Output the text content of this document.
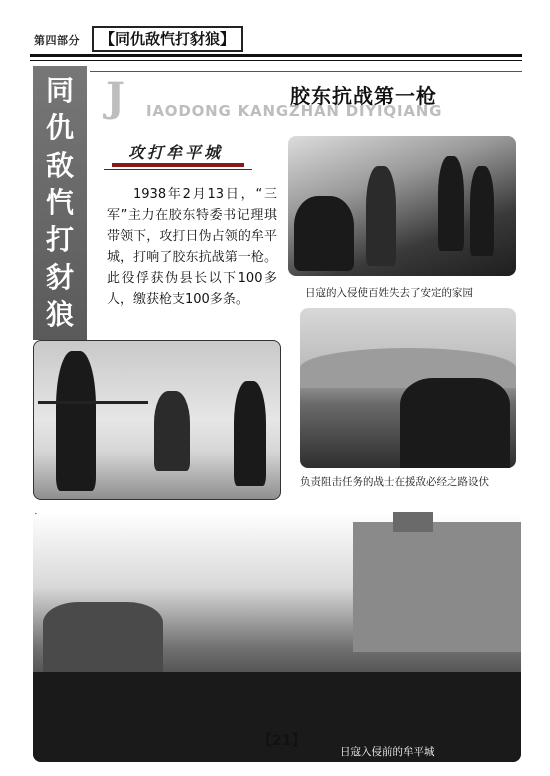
第四部分	【同仇敌忾打豺狼】
同
仇
敌
忾
打
豺
狼
J IAODONG KANGZHAN DIYIQIANG
胶东抗战第一枪
攻打牟平城
1938年2月13日，“三军”主力在胶东特委书记理琪带领下，攻打日伪占领的牟平城，打响了胶东抗战第一枪。此役俘获伪县长以下100多人，缴获枪支100多条。	日寇的入侵使百姓失去了安定的家园
负责阻击任务的战士在援敌必经之路设伏
【21】
日寇入侵前的牟平城
